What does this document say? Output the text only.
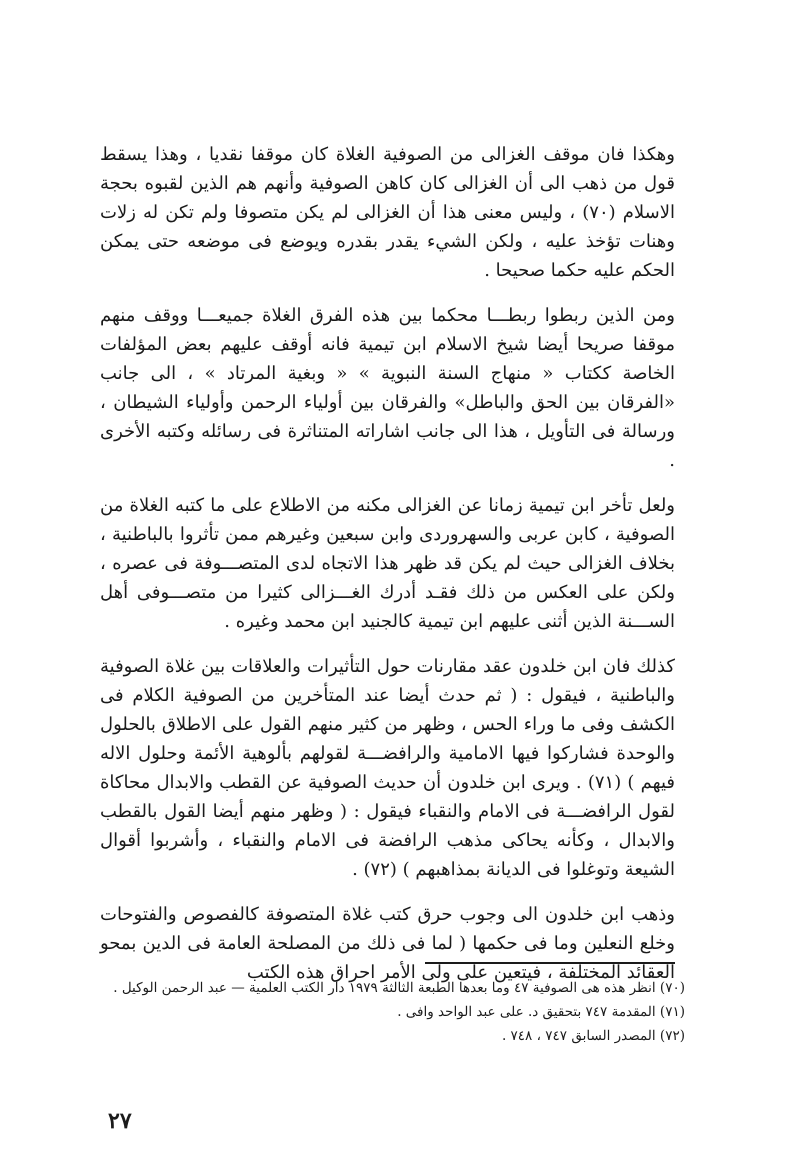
وهكذا فان موقف الغزالى من الصوفية الغلاة كان موقفا نقديا ، وهذا يسقط قول من ذهب الى أن الغزالى كان كاهن الصوفية وأنهم هم الذين لقبوه بحجة الاسلام (٧٠) ، وليس معنى هذا أن الغزالى لم يكن متصوفا ولم تكن له زلات وهنات تؤخذ عليه ، ولكن الشيء يقدر بقدره ويوضع فى موضعه حتى يمكن الحكم عليه حكما صحيحا .

ومن الذين ربطوا ربطـــا محكما بين هذه الفرق الغلاة جميعـــا ووقف منهم موقفا صريحا أيضا شيخ الاسلام ابن تيمية فانه أوقف عليهم بعض المؤلفات الخاصة ككتاب « منهاج السنة النبوية » « وبغية المرتاد » ، الى جانب «الفرقان بين الحق والباطل» والفرقان بين أولياء الرحمن وأولياء الشيطان ، ورسالة فى التأويل ، هذا الى جانب اشاراته المتناثرة فى رسائله وكتبه الأخرى .

ولعل تأخر ابن تيمية زمانا عن الغزالى مكنه من الاطلاع على ما كتبه الغلاة من الصوفية ، كابن عربى والسهروردى وابن سبعين وغيرهم ممن تأثروا بالباطنية ، بخلاف الغزالى حيث لم يكن قد ظهر هذا الاتجاه لدى المتصـــوفة فى عصره ، ولكن على العكس من ذلك فقـد أدرك الغـــزالى كثيرا من متصـــوفى أهل الســـنة الذين أثنى عليهم ابن تيمية كالجنيد ابن محمد وغيره .

كذلك فان ابن خلدون عقد مقارنات حول التأثيرات والعلاقات بين غلاة الصوفية والباطنية ، فيقول : ( ثم حدث أيضا عند المتأخرين من الصوفية الكلام فى الكشف وفى ما وراء الحس ، وظهر من كثير منهم القول على الاطلاق بالحلول والوحدة فشاركوا فيها الامامية والرافضـــة لقولهم بألوهية الأئمة وحلول الاله فيهم ) (٧١) . ويرى ابن خلدون أن حديث الصوفية عن القطب والابدال محاكاة لقول الرافضـــة فى الامام والنقباء فيقول : ( وظهر منهم أيضا القول بالقطب والابدال ، وكأنه يحاكى مذهب الرافضة فى الامام والنقباء ، وأشربوا أقوال الشيعة وتوغلوا فى الديانة بمذاهبهم ) (٧٢) .

وذهب ابن خلدون الى وجوب حرق كتب غلاة المتصوفة كالفصوص والفتوحات وخلع النعلين وما فى حكمها ( لما فى ذلك من المصلحة العامة فى الدين بمحو العقائد المختلفة ، فيتعين على ولى الأمر احراق هذه الكتب

(٧٠) انظر هذه هى الصوفية ٤٧ وما بعدها الطبعة الثالثة ١٩٧٩ دار الكتب العلمية — عبد الرحمن الوكيل .

(٧١) المقدمة ٧٤٧ بتحقيق د. على عبد الواحد وافى .

(٧٢) المصدر السابق ٧٤٧ ، ٧٤٨ .

٢٧
